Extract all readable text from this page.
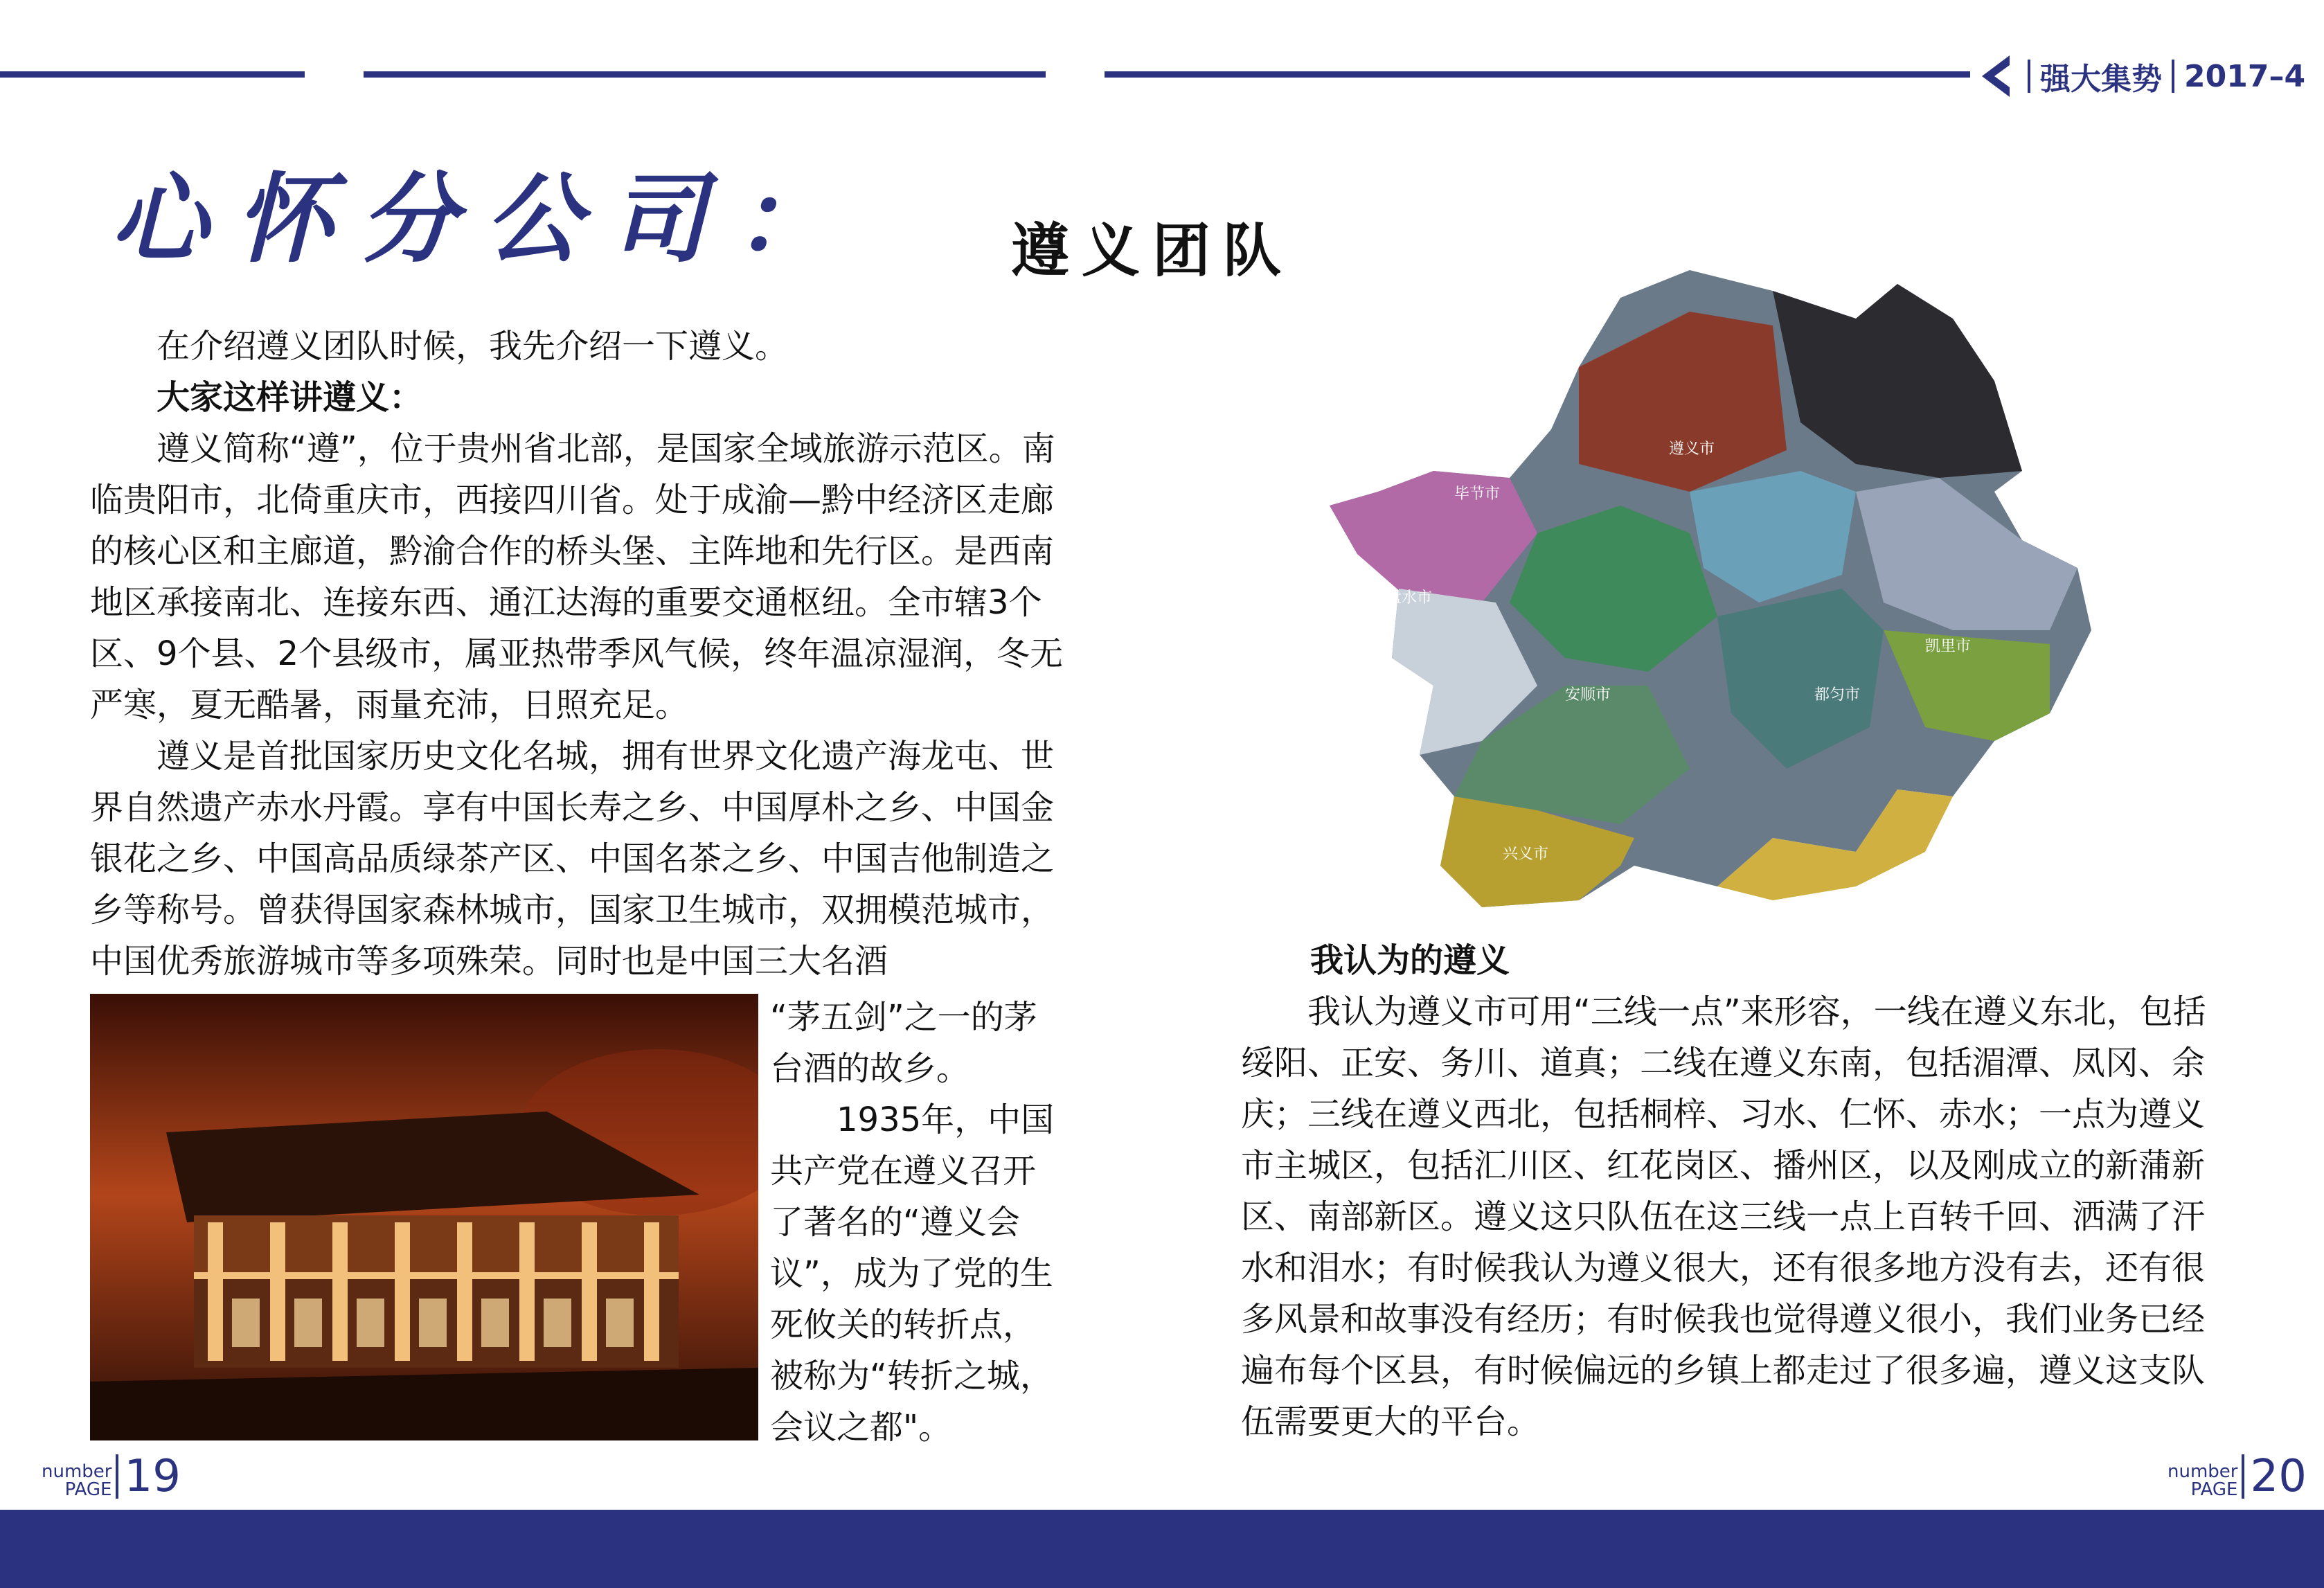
强大集势 2017–4
心怀分公司：	遵义团队

在介绍遵义团队时候，我先介绍一下遵义。

大家这样讲遵义：

遵义简称“遵”，位于贵州省北部，是国家全域旅游示范区。南临贵阳市，北倚重庆市，西接四川省。处于成渝—黔中经济区走廊的核心区和主廊道，黔渝合作的桥头堡、主阵地和先行区。是西南地区承接南北、连接东西、通江达海的重要交通枢纽。全市辖3个区、9个县、2个县级市，属亚热带季风气候，终年温凉湿润，冬无严寒，夏无酷暑，雨量充沛，日照充足。

遵义是首批国家历史文化名城，拥有世界文化遗产海龙屯、世界自然遗产赤水丹霞。享有中国长寿之乡、中国厚朴之乡、中国金银花之乡、中国高品质绿茶产区、中国名茶之乡、中国吉他制造之乡等称号。曾获得国家森林城市，国家卫生城市，双拥模范城市，中国优秀旅游城市等多项殊荣。同时也是中国三大名酒

“茅五剑”之一的茅台酒的故乡。

1935年，中国共产党在遵义召开了著名的“遵义会议”，成为了党的生死攸关的转折点，被称为“转折之城，会议之都"。

遵义市
毕节市
六盘水市
安顺市
凯里市
都匀市
兴义市

我认为的遵义

我认为遵义市可用“三线一点”来形容，一线在遵义东北，包括绥阳、正安、务川、道真；二线在遵义东南，包括湄潭、凤冈、余庆；三线在遵义西北，包括桐梓、习水、仁怀、赤水；一点为遵义市主城区，包括汇川区、红花岗区、播州区，以及刚成立的新蒲新区、南部新区。遵义这只队伍在这三线一点上百转千回、洒满了汗水和泪水；有时候我认为遵义很大，还有很多地方没有去，还有很多风景和故事没有经历；有时候我也觉得遵义很小，我们业务已经遍布每个区县，有时候偏远的乡镇上都走过了很多遍，遵义这支队伍需要更大的平台。

number
PAGE 19	number
PAGE 20
